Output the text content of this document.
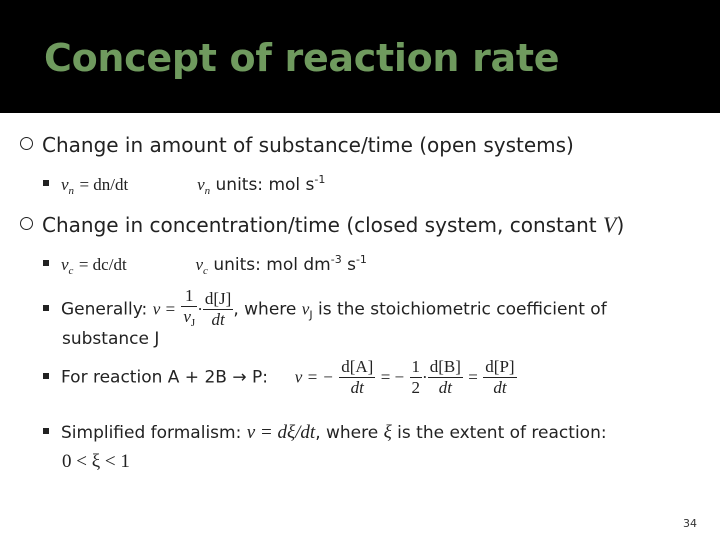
Concept of reaction rate
Change in amount of substance/time (open systems)
$v_n = dn/dt$	$v_n$ units: mol $s^{-1}$
Change in concentration/time (closed system, constant V)
$v_c = dc/dt$	$v_c$ units: mol $dm^{-3}$ $s^{-1}$
Generally: $v = \frac{1}{\nu_J} \cdot \frac{d[J]}{dt}$ , where $\nu_J$ is the stoichiometric coefficient of
substance J
For reaction A + 2B → P: v = − $\frac{d[A]}{dt}$ = − $\frac{1}{2} \cdot \frac{d[B]}{dt} = \frac{d[P]}{dt}$
Simplified formalism: v = dξ/dt, where ξ is the extent of reaction:
0 < ξ < 1
34
